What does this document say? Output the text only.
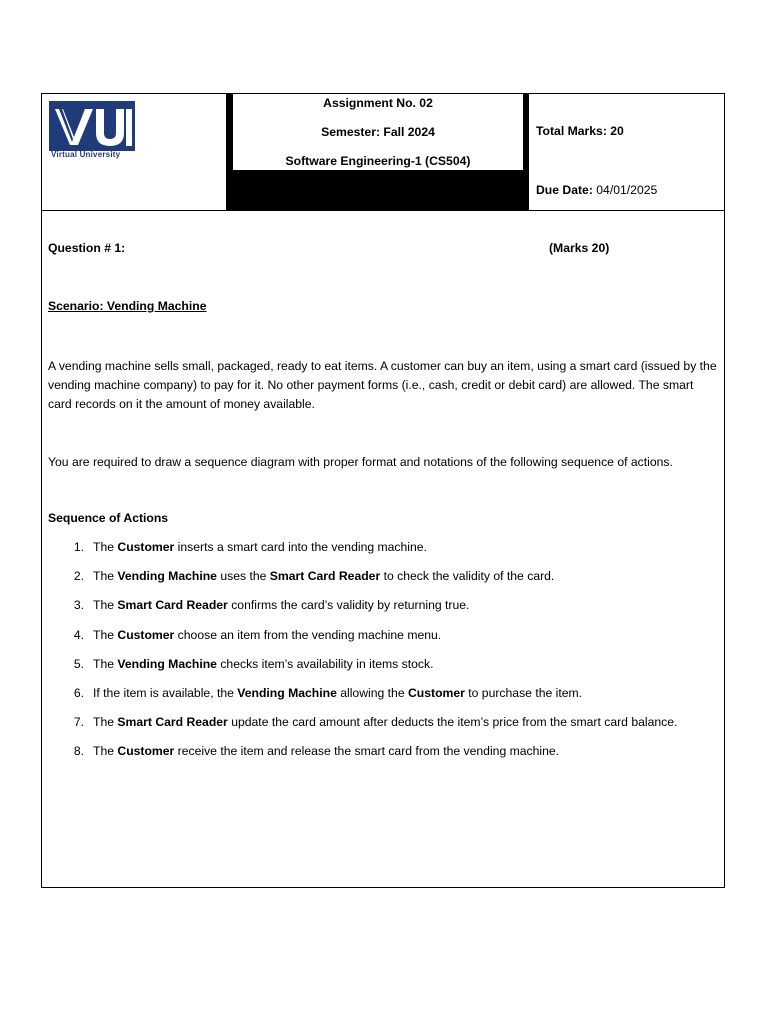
Virtual University
Assignment No. 02
Semester: Fall 2024
Software Engineering-1 (CS504)
Total Marks: 20
Due Date: 04/01/2025
Question # 1:	(Marks 20)
Scenario: Vending Machine
A vending machine sells small, packaged, ready to eat items. A customer can buy an item, using a smart card (issued by the vending machine company) to pay for it. No other payment forms (i.e., cash, credit or debit card) are allowed. The smart card records on it the amount of money available.
You are required to draw a sequence diagram with proper format and notations of the following sequence of actions.
Sequence of Actions
1. The Customer inserts a smart card into the vending machine.
2. The Vending Machine uses the Smart Card Reader to check the validity of the card.
3. The Smart Card Reader confirms the card’s validity by returning true.
4. The Customer choose an item from the vending machine menu.
5. The Vending Machine checks item’s availability in items stock.
6. If the item is available, the Vending Machine allowing the Customer to purchase the item.
7. The Smart Card Reader update the card amount after deducts the item’s price from the smart card balance.
8. The Customer receive the item and release the smart card from the vending machine.
